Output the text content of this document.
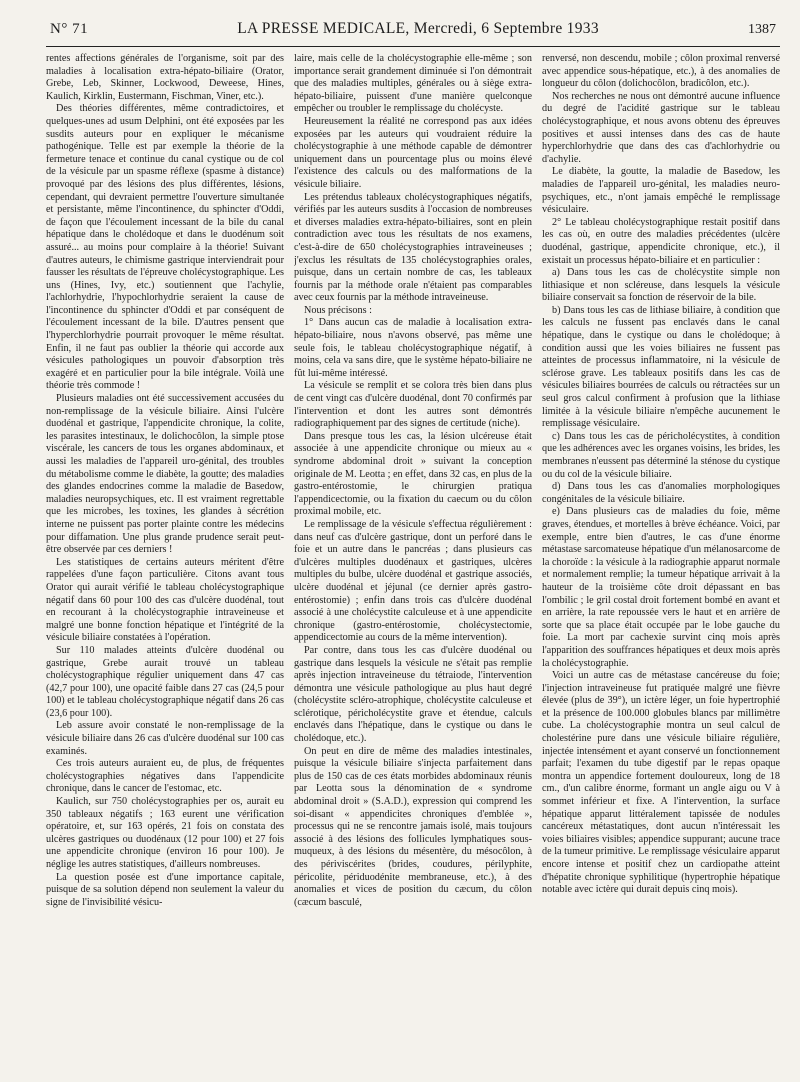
N° 71	LA PRESSE MEDICALE, Mercredi, 6 Septembre 1933	1387

rentes affections générales de l'organisme, soit par des maladies à localisation extra-hépato-biliaire (Orator, Grebe, Leb, Skinner, Lockwood, Deweese, Hines, Kaulich, Kirklin, Eustermann, Fischman, Viner, etc.).

Des théories différentes, même contradictoires, et quelques-unes ad usum Delphini, ont été exposées par les susdits auteurs pour en expliquer le mécanisme pathogénique. Telle est par exemple la théorie de la fermeture tenace et continue du canal cystique ou de col de la vésicule par un spasme réflexe (spasme à distance) provoqué par des lésions des plus différentes, lésions, cependant, qui devraient permettre l'ouverture simultanée et persistante, même l'incontinence, du sphincter d'Oddi, de façon que l'écoulement incessant de la bile du canal hépatique dans le cholédoque et dans le duodénum soit assuré... au moins pour complaire à la théorie! Suivant d'autres auteurs, le chimisme gastrique interviendrait pour fausser les résultats de l'épreuve cholécystographique. Les uns (Hines, Ivy, etc.) soutiennent que l'achylie, l'achlorhydrie, l'hypochlorhydrie seraient la cause de l'incontinence du sphincter d'Oddi et par conséquent de l'écoulement incessant de la bile. D'autres pensent que l'hyperchlorhydrie pourrait provoquer le même résultat. Enfin, il ne faut pas oublier la théorie qui accorde aux vésicules pathologiques un pouvoir d'absorption très exagéré et en particulier pour la bile intégrale. Voilà une théorie très commode !

Plusieurs maladies ont été successivement accusées du non-remplissage de la vésicule biliaire. Ainsi l'ulcère duodénal et gastrique, l'appendicite chronique, la colite, les parasites intestinaux, le dolichocôlon, la simple ptose viscérale, les cancers de tous les organes abdominaux, et aussi les maladies de l'appareil uro-génital, des troubles du métabolisme comme le diabète, la goutte; des maladies des glandes endocrines comme la maladie de Basedow, maladies neuropsychiques, etc. Il est vraiment regrettable que les microbes, les toxines, les glandes à sécrétion interne ne puissent pas porter plainte contre les médecins pour diffamation. Une plus grande prudence serait peut-être observée par ces derniers !

Les statistiques de certains auteurs méritent d'être rappelées d'une façon particulière. Citons avant tous Orator qui aurait vérifié le tableau cholécystographique négatif dans 60 pour 100 des cas d'ulcère duodénal, tout en recourant à la cholécystographie intraveineuse et malgré une bonne fonction hépatique et l'intégrité de la vésicule biliaire constatées à l'opération.

Sur 110 malades atteints d'ulcère duodénal ou gastrique, Grebe aurait trouvé un tableau cholécystographique régulier uniquement dans 47 cas (42,7 pour 100), une opacité faible dans 27 cas (24,5 pour 100) et le tableau cholécystographique négatif dans 26 cas (23,6 pour 100).

Leb assure avoir constaté le non-remplissage de la vésicule biliaire dans 26 cas d'ulcère duodénal sur 100 cas examinés.

Ces trois auteurs auraient eu, de plus, de fréquentes cholécystographies négatives dans l'appendicite chronique, dans le cancer de l'estomac, etc.

Kaulich, sur 750 cholécystographies per os, aurait eu 350 tableaux négatifs ; 163 eurent une vérification opératoire, et, sur 163 opérés, 21 fois on constata des ulcères gastriques ou duodénaux (12 pour 100) et 27 fois une appendicite chronique (environ 16 pour 100). Je néglige les autres statistiques, d'ailleurs nombreuses.

La question posée est d'une importance capitale, puisque de sa solution dépend non seulement la valeur du signe de l'invisibilité vésicu-

laire, mais celle de la cholécystographie elle-même ; son importance serait grandement diminuée si l'on démontrait que des maladies multiples, générales ou à siège extra-hépato-biliaire, puissent d'une manière quelconque empêcher ou troubler le remplissage du cholécyste.

Heureusement la réalité ne correspond pas aux idées exposées par les auteurs qui voudraient réduire la cholécystographie à une méthode capable de démontrer uniquement dans un pourcentage plus ou moins élevé l'existence des calculs ou des malformations de la vésicule biliaire.

Les prétendus tableaux cholécystographiques négatifs, vérifiés par les auteurs susdits à l'occasion de nombreuses et diverses maladies extra-hépato-biliaires, sont en plein contradiction avec tous les résultats de nos examens, c'est-à-dire de 650 cholécystographies intraveineuses ; j'exclus les résultats de 135 cholécystographies orales, puisque, dans un certain nombre de cas, les tableaux fournis par la méthode orale n'étaient pas comparables avec ceux fournis par la méthode intraveineuse.

Nous précisons :

1° Dans aucun cas de maladie à localisation extra-hépato-biliaire, nous n'avons observé, pas même une seule fois, le tableau cholécystographique négatif, à moins, cela va sans dire, que le système hépato-biliaire ne fût lui-même intéressé.

La vésicule se remplit et se colora très bien dans plus de cent vingt cas d'ulcère duodénal, dont 70 confirmés par l'intervention et dont les autres sont démontrés radiographiquement par des signes de certitude (niche).

Dans presque tous les cas, la lésion ulcéreuse était associée à une appendicite chronique ou mieux au « syndrome abdominal droit » suivant la conception originale de M. Leotta ; en effet, dans 32 cas, en plus de la gastro-entérostomie, le chirurgien pratiqua l'appendicectomie, ou la fixation du caecum ou du côlon proximal mobile, etc.

Le remplissage de la vésicule s'effectua régulièrement : dans neuf cas d'ulcère gastrique, dont un perforé dans le foie et un autre dans le pancréas ; dans plusieurs cas d'ulcères multiples duodénaux et gastriques, ulcères multiples du bulbe, ulcère duodénal et gastrique associés, ulcère duodénal et jéjunal (ce dernier après gastro-entérostomie) ; enfin dans trois cas d'ulcère duodénal associé à une cholécystite calculeuse et à une appendicite chronique (gastro-entérostomie, cholécystectomie, appendicectomie au cours de la même intervention).

Par contre, dans tous les cas d'ulcère duodénal ou gastrique dans lesquels la vésicule ne s'était pas remplie après injection intraveineuse du tétraiode, l'intervention démontra une vésicule pathologique au plus haut degré (cholécystite scléro-atrophique, cholécystite calculeuse et sclérotique, péricholécystite grave et étendue, calculs enclavés dans l'hépatique, dans le cystique ou dans le cholédoque, etc.).

On peut en dire de même des maladies intestinales, puisque la vésicule biliaire s'injecta parfaitement dans plus de 150 cas de ces états morbides abdominaux réunis par Leotta sous la dénomination de « syndrome abdominal droit » (S.A.D.), expression qui comprend les soi-disant « appendicites chroniques d'emblée », processus qui ne se rencontre jamais isolé, mais toujours associé à des lésions des follicules lymphatiques sous-muqueux, à des lésions du mésentère, du mésocôlon, à des périviscérites (brides, coudures, périlyphite, péricolite, périduodénite membraneuse, etc.), à des anomalies et vices de position du cæcum, du côlon (cæcum basculé,

renversé, non descendu, mobile ; côlon proximal renversé avec appendice sous-hépatique, etc.), à des anomalies de longueur du côlon (dolichocôlon, bradicôlon, etc.).

Nos recherches ne nous ont démontré aucune influence du degré de l'acidité gastrique sur le tableau cholécystographique, et nous avons obtenu des épreuves positives et aussi intenses dans des cas de haute hyperchlorhydrie que dans des cas d'achlorhydrie ou d'achylie.

Le diabète, la goutte, la maladie de Basedow, les maladies de l'appareil uro-génital, les maladies neuro-psychiques, etc., n'ont jamais empêché le remplissage vésiculaire.

2° Le tableau cholécystographique restait positif dans les cas où, en outre des maladies précédentes (ulcère duodénal, gastrique, appendicite chronique, etc.), il existait un processus hépato-biliaire et en particulier :

a) Dans tous les cas de cholécystite simple non lithiasique et non scléreuse, dans lesquels la vésicule biliaire conservait sa fonction de réservoir de la bile.

b) Dans tous les cas de lithiase biliaire, à condition que les calculs ne fussent pas enclavés dans le canal hépatique, dans le cystique ou dans le cholédoque; à condition aussi que les voies biliaires ne fussent pas atteintes de processus inflammatoire, ni la vésicule de sclérose grave. Les tableaux positifs dans les cas de vésicules biliaires bourrées de calculs ou rétractées sur un seul gros calcul confirment à profusion que la lithiase limitée à la vésicule biliaire n'empêche aucunement le remplissage vésiculaire.

c) Dans tous les cas de péricholécystites, à condition que les adhérences avec les organes voisins, les brides, les membranes n'eussent pas déterminé la sténose du cystique ou du col de la vésicule biliaire.

d) Dans tous les cas d'anomalies morphologiques congénitales de la vésicule biliaire.

e) Dans plusieurs cas de maladies du foie, même graves, étendues, et mortelles à brève échéance. Voici, par exemple, entre bien d'autres, le cas d'une énorme métastase sarcomateuse hépatique d'un mélanosarcome de la choroïde : la vésicule à la radiographie apparut normale et normalement remplie; la tumeur hépatique arrivait à la hauteur de la troisième côte droit dépassant en bas l'ombilic ; le gril costal droit fortement bombé en avant et en arrière, la rate repoussée vers le haut et en arrière de sorte que sa place était occupée par le lobe gauche du foie. La mort par cachexie survint cinq mois après l'apparition des souffrances hépatiques et deux mois après la cholécystographie.

Voici un autre cas de métastase cancéreuse du foie; l'injection intraveineuse fut pratiquée malgré une fièvre élevée (plus de 39°), un ictère léger, un foie hypertrophié et la présence de 100.000 globules blancs par millimètre cube. La cholécystographie montra un seul calcul de cholestérine pure dans une vésicule biliaire régulière, injectée intensément et ayant conservé un fonctionnement parfait; l'examen du tube digestif par le repas opaque montra un appendice fortement douloureux, long de 18 cm., d'un calibre énorme, formant un angle aigu ou V à sommet inférieur et fixe. A l'intervention, la surface hépatique apparut littéralement tapissée de nodules cancéreux métastatiques, dont aucun n'intéressait les voies biliaires visibles; appendice suppurant; aucune trace de la tumeur primitive. Le remplissage vésiculaire apparut encore intense et positif chez un cardiopathe atteint d'hépatite chronique syphilitique (hypertrophie hépatique notable avec ictère qui durait depuis cinq mois).
